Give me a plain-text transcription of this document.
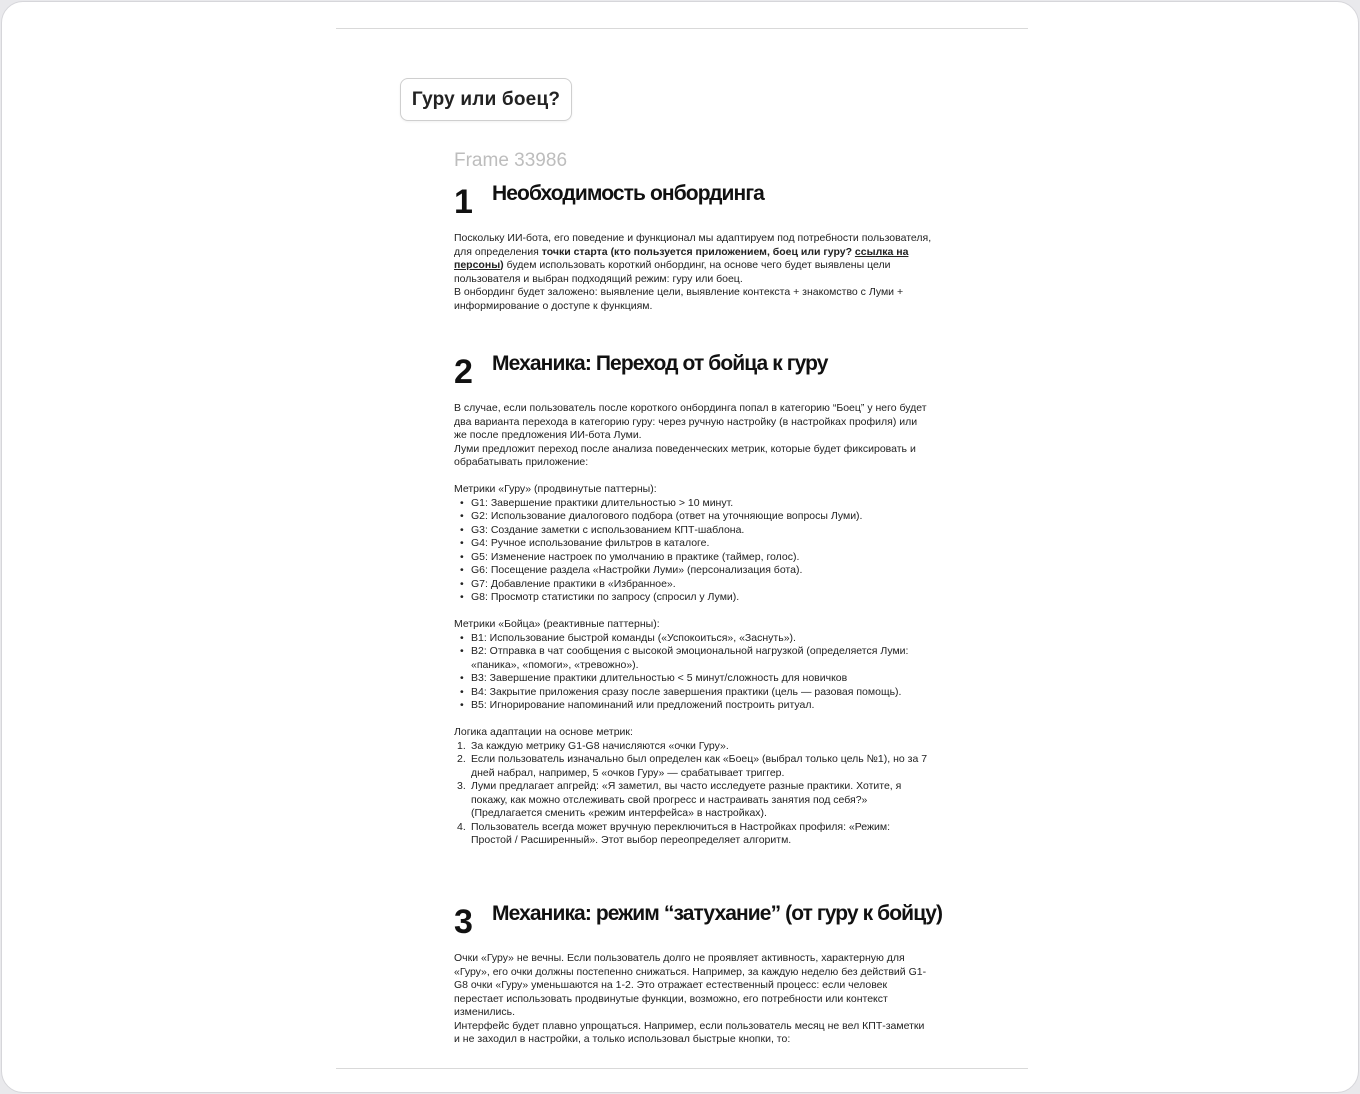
Гуру или боец?
Frame 33986
1 Необходимость онбординга

Поскольку ИИ-бота, его поведение и функционал мы адаптируем под потребности пользователя, для определения точки старта (кто пользуется приложением, боец или гуру? ссылка на персоны) будем использовать короткий онбординг, на основе чего будет выявлены цели пользователя и выбран подходящий режим: гуру или боец.

В онбординг будет заложено: выявление цели, выявление контекста + знакомство с Луми + информирование о доступе к функциям.

2 Механика: Переход от бойца к гуру

В случае, если пользователь после короткого онбординга попал в категорию “Боец” у него будет два варианта перехода в категорию гуру: через ручную настройку (в настройках профиля) или же после предложения ИИ-бота Луми.

Луми предложит переход после анализа поведенческих метрик, которые будет фиксировать и обрабатывать приложение:

Метрики «Гуру» (продвинутые паттерны):

• G1: Завершение практики длительностью > 10 минут.
• G2: Использование диалогового подбора (ответ на уточняющие вопросы Луми).
• G3: Создание заметки с использованием КПТ-шаблона.
• G4: Ручное использование фильтров в каталоге.
• G5: Изменение настроек по умолчанию в практике (таймер, голос).
• G6: Посещение раздела «Настройки Луми» (персонализация бота).
• G7: Добавление практики в «Избранное».
• G8: Просмотр статистики по запросу (спросил у Луми).

Метрики «Бойца» (реактивные паттерны):

• B1: Использование быстрой команды («Успокоиться», «Заснуть»).
• B2: Отправка в чат сообщения с высокой эмоциональной нагрузкой (определяется Луми: «паника», «помоги», «тревожно»).
• B3: Завершение практики длительностью < 5 минут/сложность для новичков
• B4: Закрытие приложения сразу после завершения практики (цель — разовая помощь).
• B5: Игнорирование напоминаний или предложений построить ритуал.

Логика адаптации на основе метрик:

1. За каждую метрику G1-G8 начисляются «очки Гуру».
2. Если пользователь изначально был определен как «Боец» (выбрал только цель №1), но за 7 дней набрал, например, 5 «очков Гуру» — срабатывает триггер.
3. Луми предлагает апгрейд: «Я заметил, вы часто исследуете разные практики. Хотите, я покажу, как можно отслеживать свой прогресс и настраивать занятия под себя?» (Предлагается сменить «режим интерфейса» в настройках).
4. Пользователь всегда может вручную переключиться в Настройках профиля: «Режим: Простой / Расширенный». Этот выбор переопределяет алгоритм.
3 Механика: режим “затухание” (от гуру к бойцу)

Очки «Гуру» не вечны. Если пользователь долго не проявляет активность, характерную для «Гуру», его очки должны постепенно снижаться. Например, за каждую неделю без действий G1-G8 очки «Гуру» уменьшаются на 1-2. Это отражает естественный процесс: если человек перестает использовать продвинутые функции, возможно, его потребности или контекст изменились.

Интерфейс будет плавно упрощаться. Например, если пользователь месяц не вел КПТ-заметки и не заходил в настройки, а только использовал быстрые кнопки, то:
